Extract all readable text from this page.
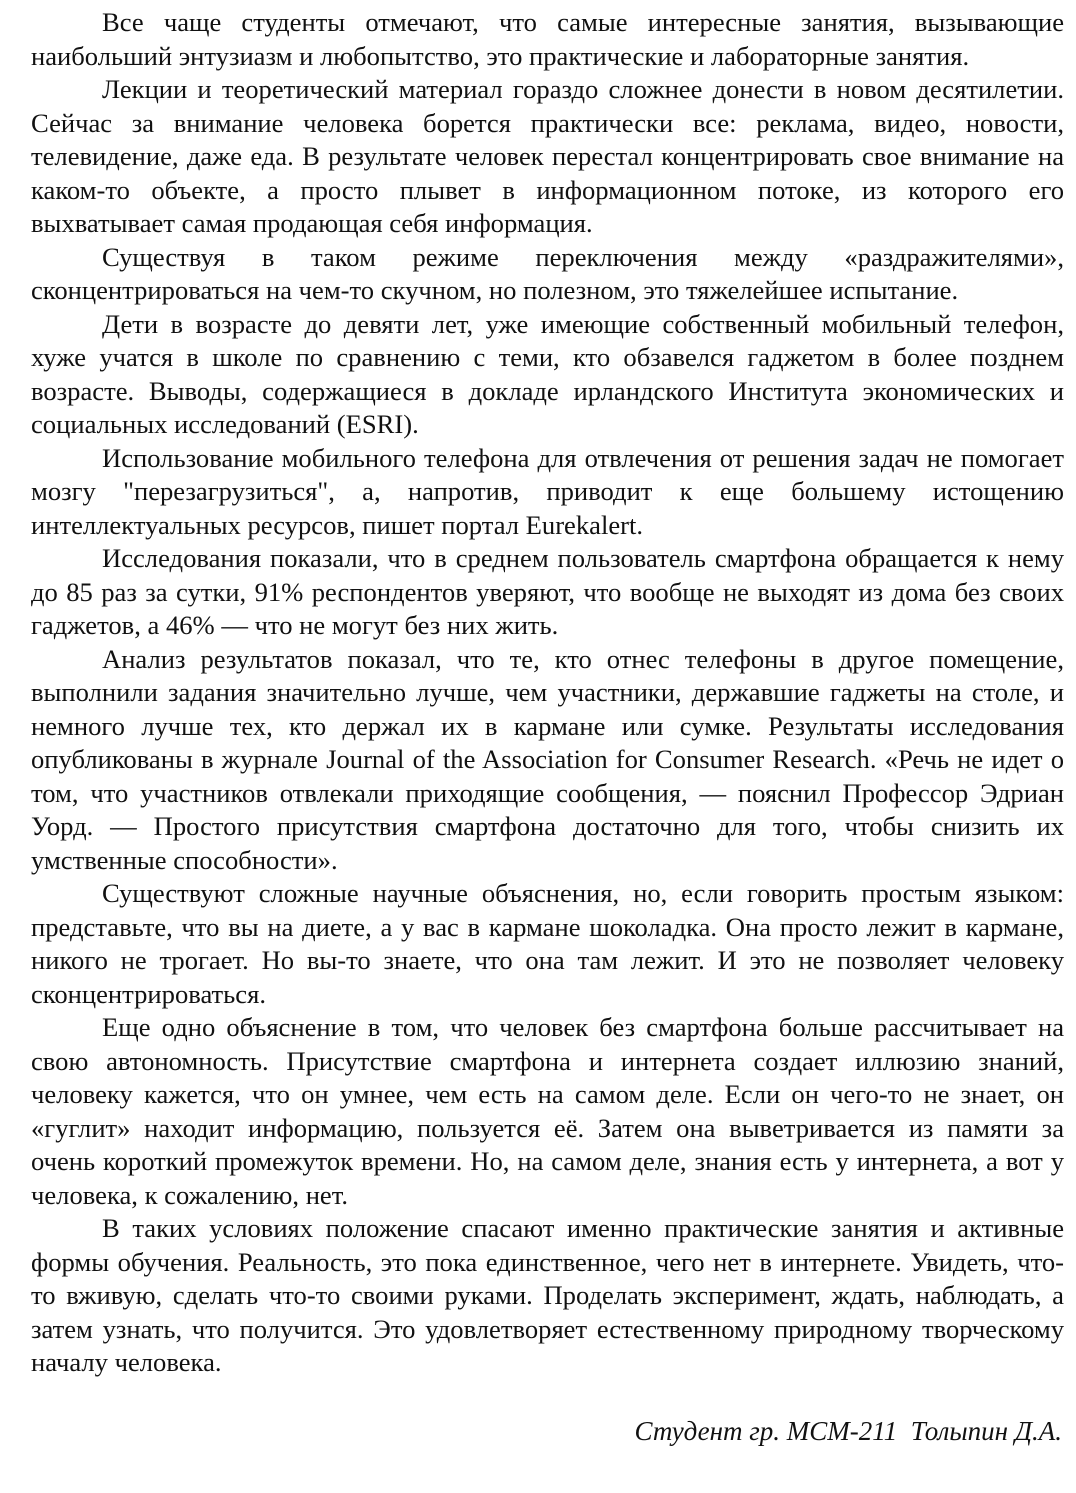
Все чаще студенты отмечают, что самые интересные занятия, вызывающие наибольший энтузиазм и любопытство, это практические и лабораторные занятия.

Лекции и теоретический материал гораздо сложнее донести в новом десятилетии. Сейчас за внимание человека борется практически все: реклама, видео, новости, телевидение, даже еда. В результате человек перестал концентрировать свое внимание на каком-то объекте, а просто плывет в информационном потоке, из которого его выхватывает самая продающая себя информация.

Существуя в таком режиме переключения между «раздражителями», сконцентрироваться на чем-то скучном, но полезном, это тяжелейшее испытание.

Дети в возрасте до девяти лет, уже имеющие собственный мобильный телефон, хуже учатся в школе по сравнению с теми, кто обзавелся гаджетом в более позднем возрасте. Выводы, содержащиеся в докладе ирландского Института экономических и социальных исследований (ESRI).

Использование мобильного телефона для отвлечения от решения задач не помогает мозгу "перезагрузиться", а, напротив, приводит к еще большему истощению интеллектуальных ресурсов, пишет портал Eurekalert.

Исследования показали, что в среднем пользователь смартфона обращается к нему до 85 раз за сутки, 91% респондентов уверяют, что вообще не выходят из дома без своих гаджетов, а 46% — что не могут без них жить.

Анализ результатов показал, что те, кто отнес телефоны в другое помещение, выполнили задания значительно лучше, чем участники, державшие гаджеты на столе, и немного лучше тех, кто держал их в кармане или сумке. Результаты исследования опубликованы в журнале Journal of the Association for Consumer Research. «Речь не идет о том, что участников отвлекали приходящие сообщения, — пояснил Профессор Эдриан Уорд. — Простого присутствия смартфона достаточно для того, чтобы снизить их умственные способности».

Существуют сложные научные объяснения, но, если говорить простым языком: представьте, что вы на диете, а у вас в кармане шоколадка. Она просто лежит в кармане, никого не трогает. Но вы-то знаете, что она там лежит. И это не позволяет человеку сконцентрироваться.

Еще одно объяснение в том, что человек без смартфона больше рассчитывает на свою автономность. Присутствие смартфона и интернета создает иллюзию знаний, человеку кажется, что он умнее, чем есть на самом деле. Если он чего-то не знает, он «гуглит» находит информацию, пользуется её. Затем она выветривается из памяти за очень короткий промежуток времени. Но, на самом деле, знания есть у интернета, а вот у человека, к сожалению, нет.

В таких условиях положение спасают именно практические занятия и активные формы обучения. Реальность, это пока единственное, чего нет в интернете. Увидеть, что-то вживую, сделать что-то своими руками. Проделать эксперимент, ждать, наблюдать, а затем узнать, что получится. Это удовлетворяет естественному природному творческому началу человека.

Студент гр. МСМ-211  Толыпин Д.А.
